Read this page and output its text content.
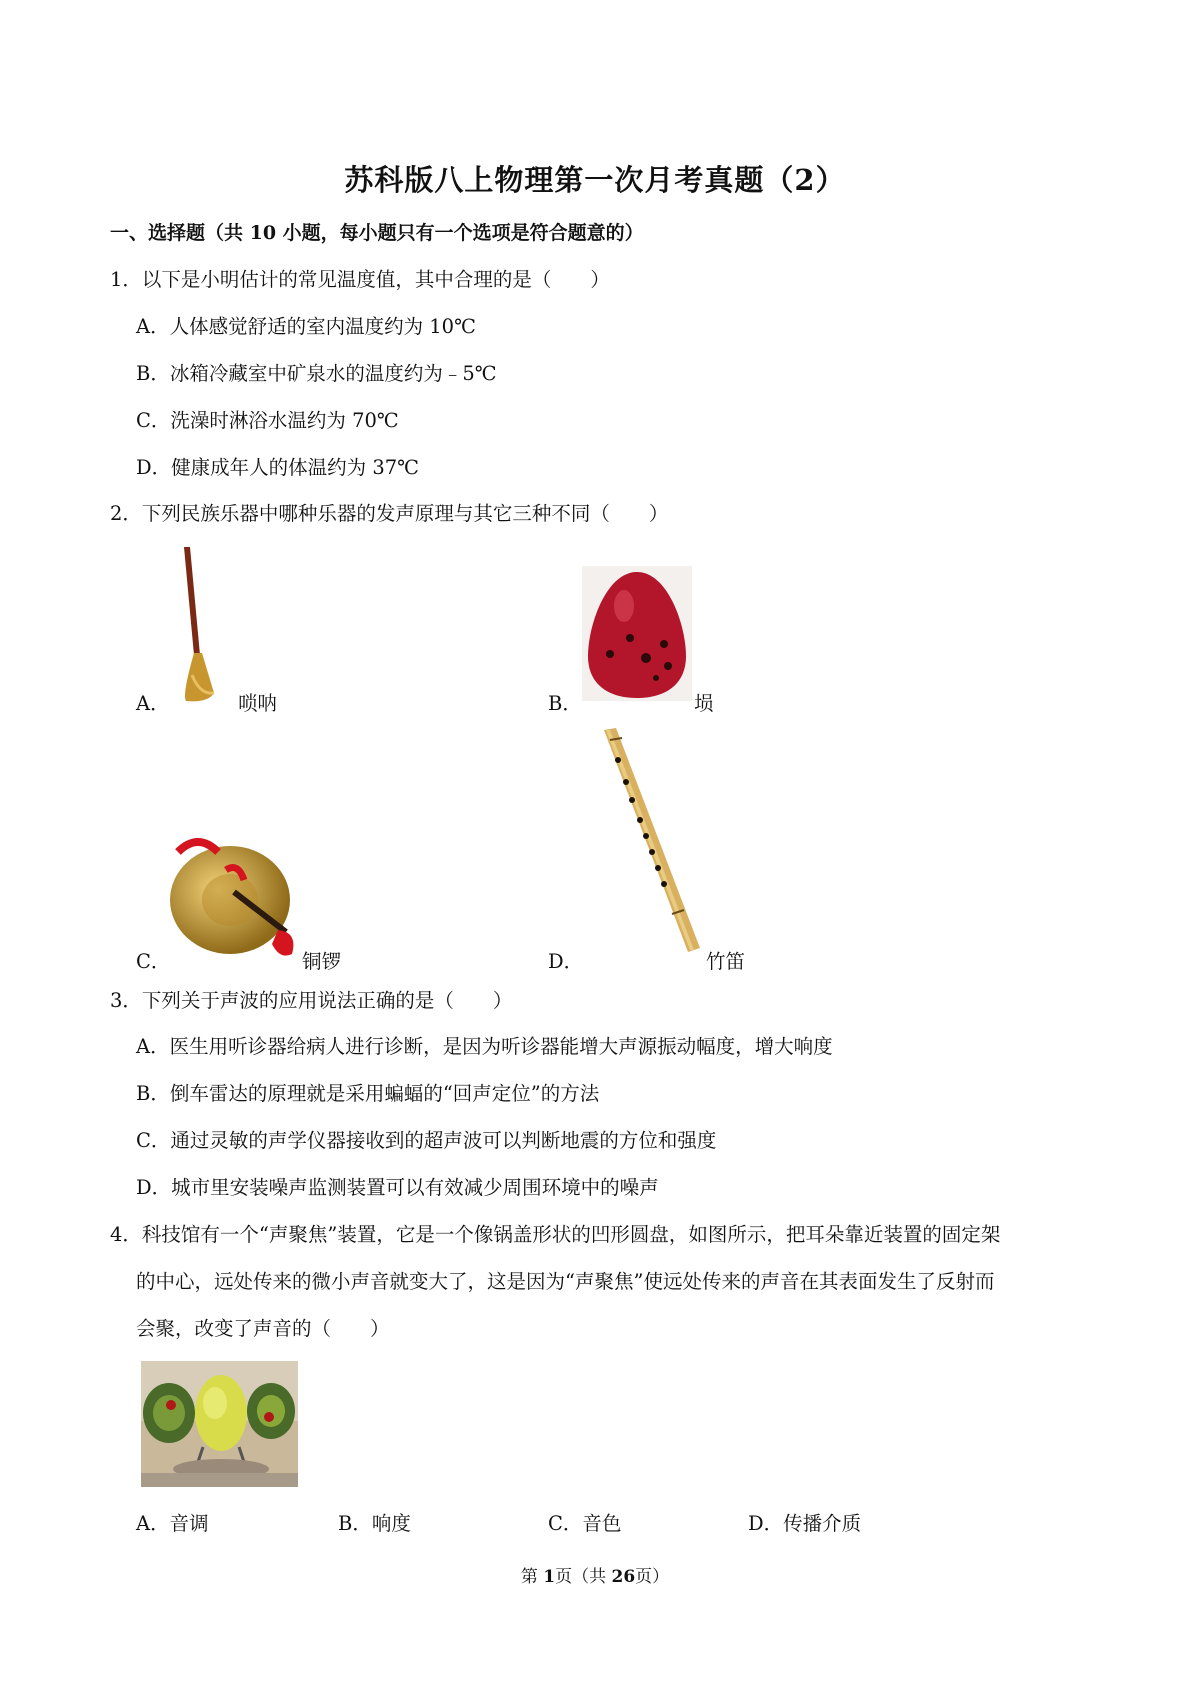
苏科版八上物理第一次月考真题（2）
一、选择题（共 10 小题，每小题只有一个选项是符合题意的）
1．以下是小明估计的常见温度值，其中合理的是（　　）
A．人体感觉舒适的室内温度约为 10℃
B．冰箱冷藏室中矿泉水的温度约为﹣5℃
C．洗澡时淋浴水温约为 70℃
D．健康成年人的体温约为 37℃
2．下列民族乐器中哪种乐器的发声原理与其它三种不同（　　）
A．	唢呐	B．	埙
C．	铜锣	D．	竹笛
3．下列关于声波的应用说法正确的是（　　）
A．医生用听诊器给病人进行诊断，是因为听诊器能增大声源振动幅度，增大响度
B．倒车雷达的原理就是采用蝙蝠的“回声定位”的方法
C．通过灵敏的声学仪器接收到的超声波可以判断地震的方位和强度
D．城市里安装噪声监测装置可以有效减少周围环境中的噪声
4．科技馆有一个“声聚焦”装置，它是一个像锅盖形状的凹形圆盘，如图所示，把耳朵靠近装置的固定架
的中心，远处传来的微小声音就变大了，这是因为“声聚焦”使远处传来的声音在其表面发生了反射而
会聚，改变了声音的（　　）
A．音调	B．响度	C．音色	D．传播介质
第 1页（共 26页）
